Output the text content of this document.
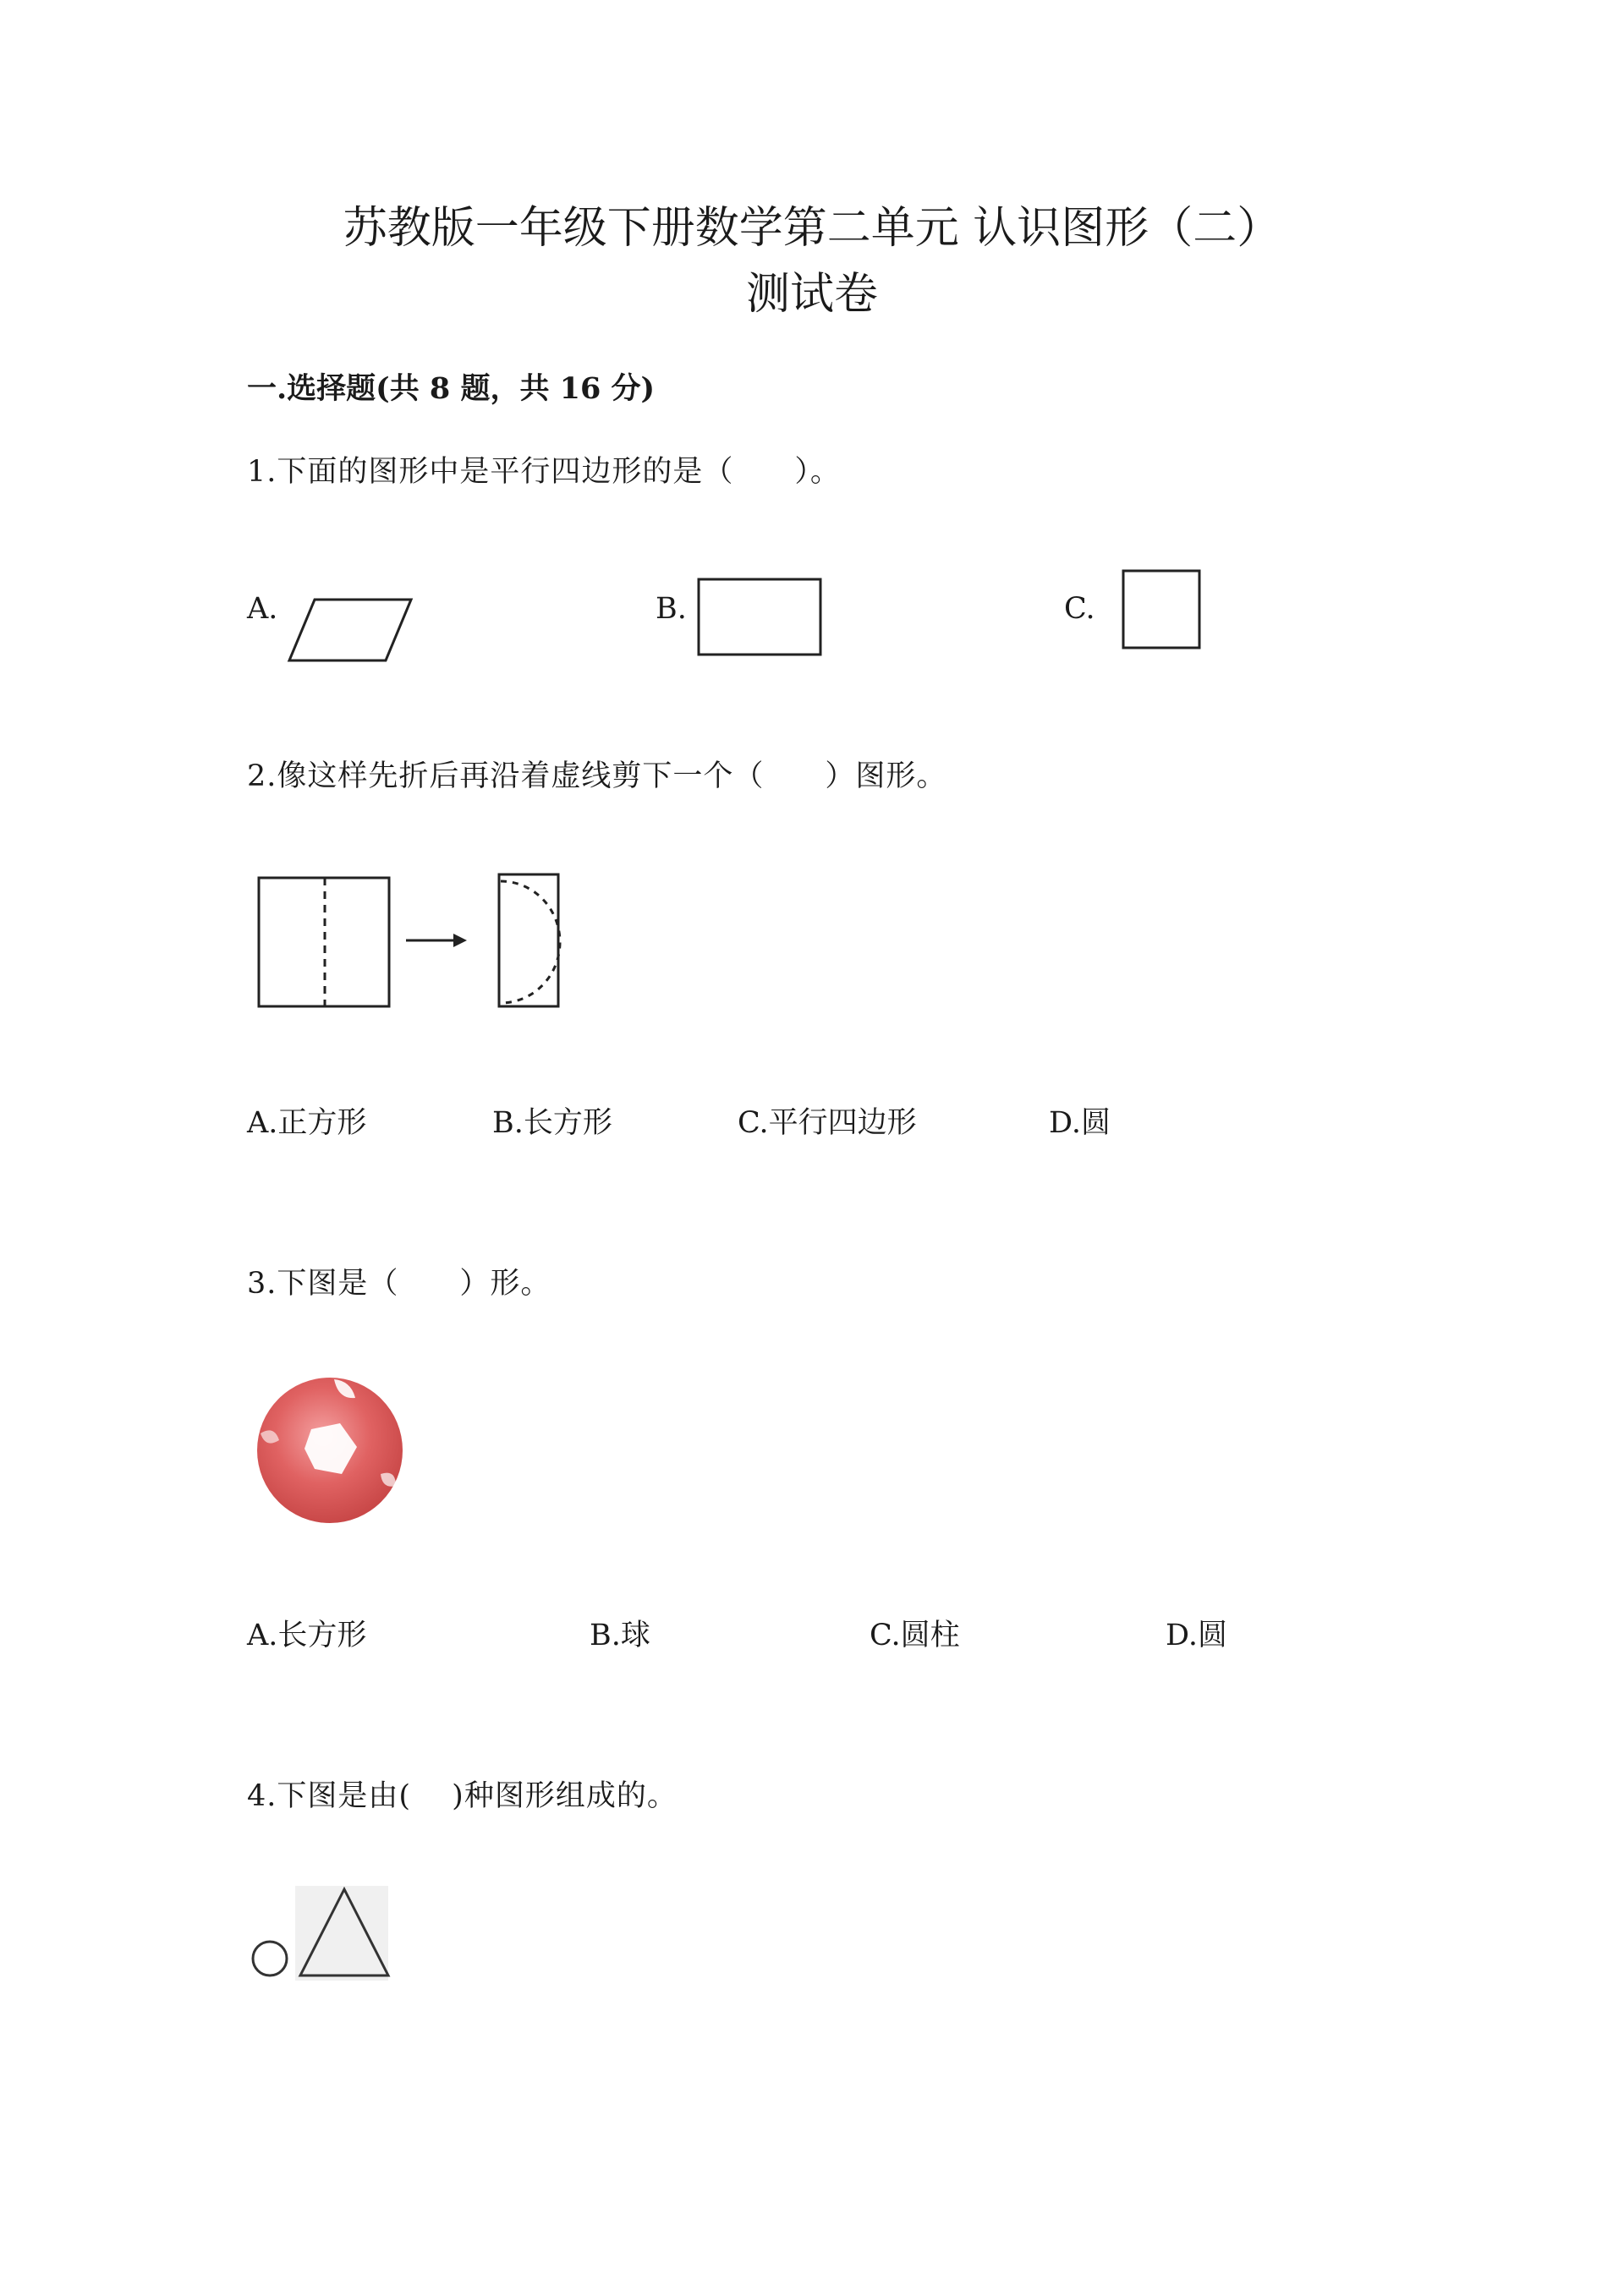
苏教版一年级下册数学第二单元 认识图形（二）
测试卷
一.选择题(共 8 题，共 16 分)
1.下面的图形中是平行四边形的是（　　）。
A.	B.	C.
2.像这样先折后再沿着虚线剪下一个（　　）图形。
A.正方形	B.长方形	C.平行四边形	D.圆
3.下图是（　　）形。
A.长方形	B.球	C.圆柱	D.圆
4.下图是由(　 )种图形组成的。
